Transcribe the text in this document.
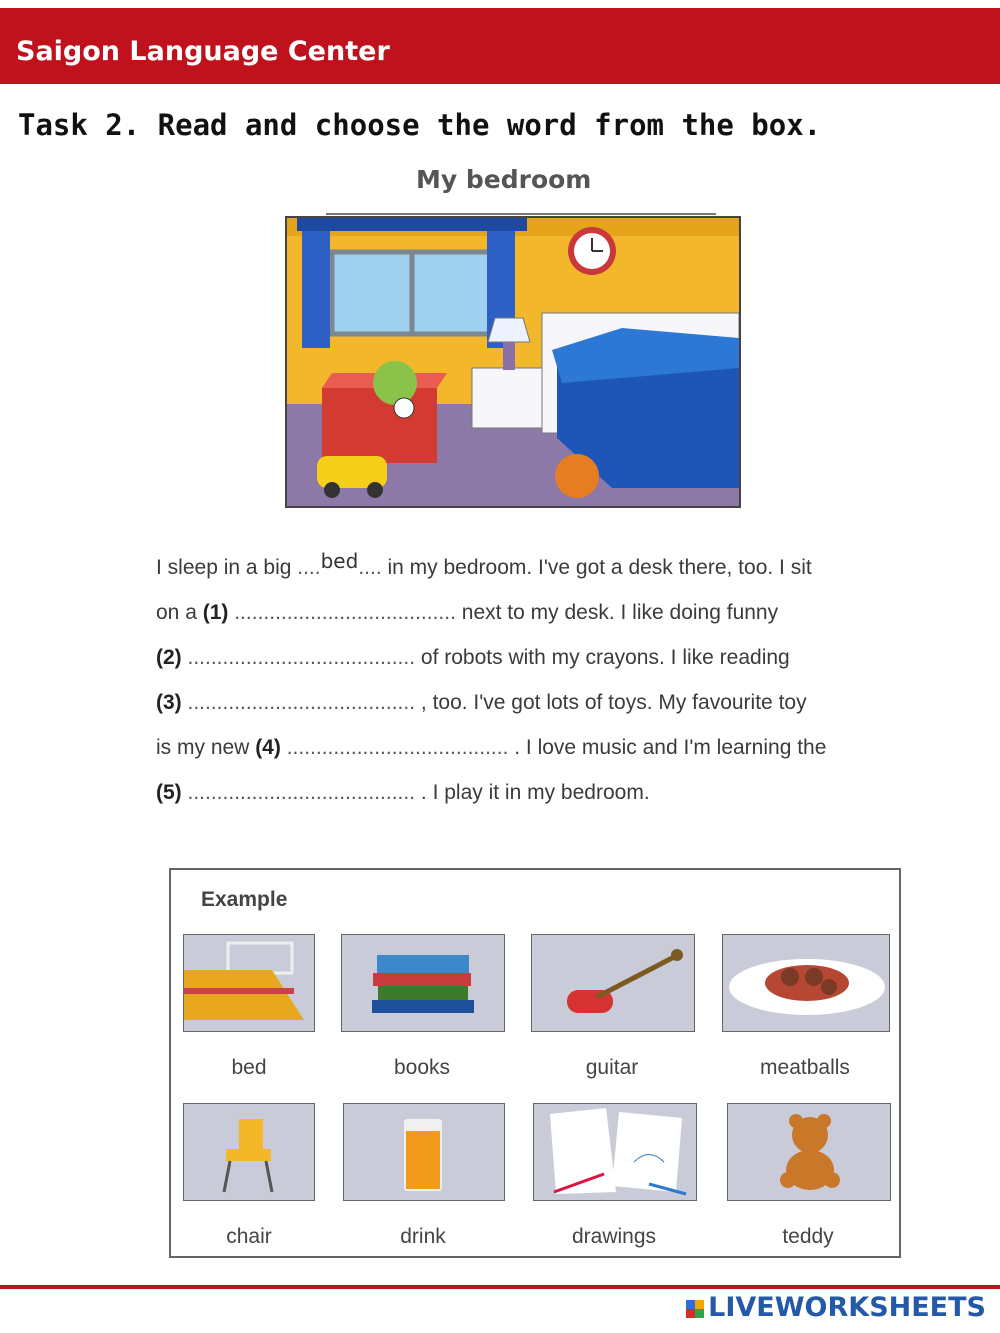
Saigon Language Center
Task 2. Read and choose the word from the box.
My bedroom
I sleep in a big ....bed.... in my bedroom. I've got a desk there, too. I sit
on a (1) ...................................... next to my desk. I like doing funny
(2) ....................................... of robots with my crayons. I like reading
(3) ....................................... , too. I've got lots of toys. My favourite toy
is my new (4) ...................................... . I love music and I'm learning the
(5) ....................................... . I play it in my bedroom.
Example
bed	books	guitar	meatballs
chair	drink	drawings	teddy
LIVEWORKSHEETS
